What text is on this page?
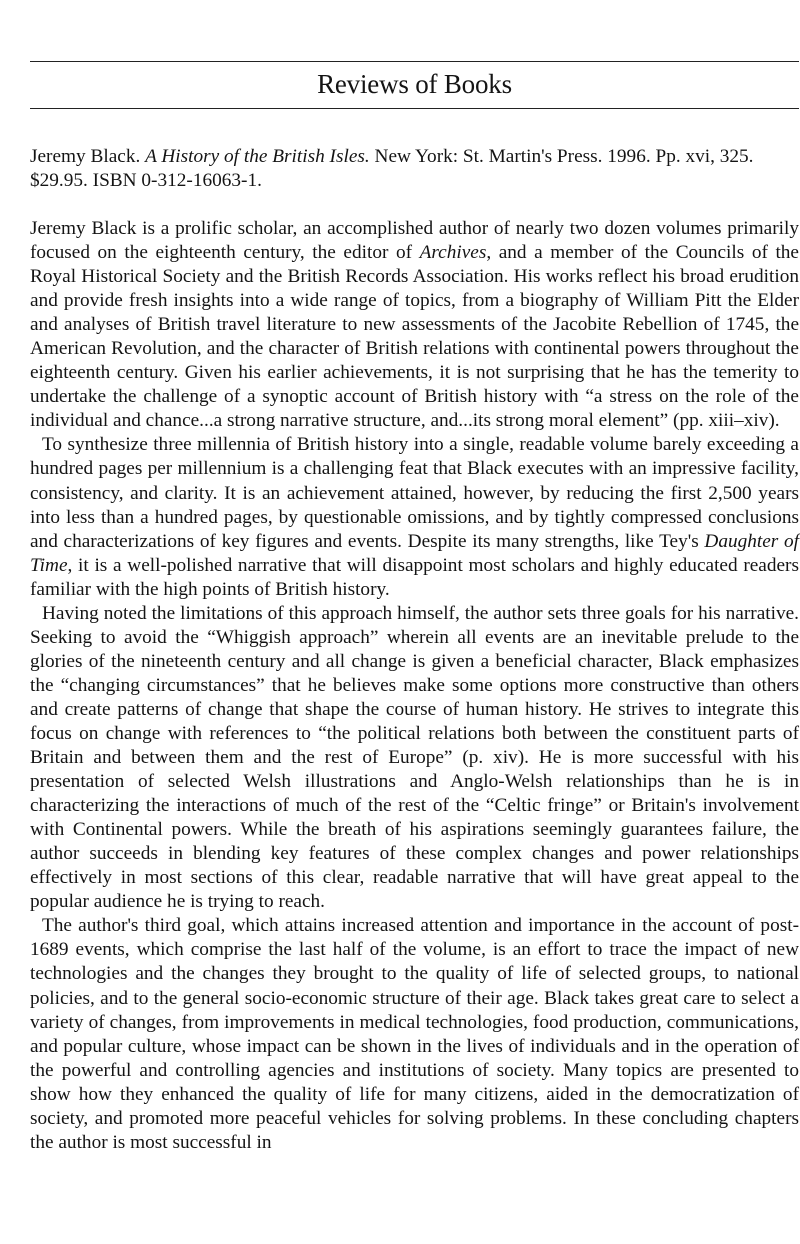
Reviews of Books
Jeremy Black. A History of the British Isles. New York: St. Martin's Press. 1996. Pp. xvi, 325. $29.95. ISBN 0-312-16063-1.

Jeremy Black is a prolific scholar, an accomplished author of nearly two dozen volumes primarily focused on the eighteenth century, the editor of Archives, and a member of the Councils of the Royal Historical Society and the British Records Association. His works reflect his broad erudition and provide fresh insights into a wide range of topics, from a biography of William Pitt the Elder and analyses of British travel literature to new assessments of the Jacobite Rebellion of 1745, the American Revolution, and the character of British relations with continental powers throughout the eighteenth century. Given his earlier achievements, it is not surprising that he has the temerity to undertake the challenge of a synoptic account of British history with “a stress on the role of the individual and chance...a strong narrative structure, and...its strong moral element” (pp. xiii–xiv).

To synthesize three millennia of British history into a single, readable volume barely exceeding a hundred pages per millennium is a challenging feat that Black executes with an impressive facility, consistency, and clarity. It is an achievement attained, however, by reducing the first 2,500 years into less than a hundred pages, by questionable omissions, and by tightly compressed conclusions and characterizations of key figures and events. Despite its many strengths, like Tey's Daughter of Time, it is a well-polished narrative that will disappoint most scholars and highly educated readers familiar with the high points of British history.

Having noted the limitations of this approach himself, the author sets three goals for his narrative. Seeking to avoid the “Whiggish approach” wherein all events are an inevitable prelude to the glories of the nineteenth century and all change is given a beneficial character, Black emphasizes the “changing circumstances” that he believes make some options more constructive than others and create patterns of change that shape the course of human history. He strives to integrate this focus on change with references to “the political relations both between the constituent parts of Britain and between them and the rest of Europe” (p. xiv). He is more successful with his presentation of selected Welsh illustrations and Anglo-Welsh relationships than he is in characterizing the interactions of much of the rest of the “Celtic fringe” or Britain's involvement with Continental powers. While the breath of his aspirations seemingly guarantees failure, the author succeeds in blending key features of these complex changes and power relationships effectively in most sections of this clear, readable narrative that will have great appeal to the popular audience he is trying to reach.

The author's third goal, which attains increased attention and importance in the account of post-1689 events, which comprise the last half of the volume, is an effort to trace the impact of new technologies and the changes they brought to the quality of life of selected groups, to national policies, and to the general socio-economic structure of their age. Black takes great care to select a variety of changes, from improvements in medical technologies, food production, communications, and popular culture, whose impact can be shown in the lives of individuals and in the operation of the powerful and controlling agencies and institutions of society. Many topics are presented to show how they enhanced the quality of life for many citizens, aided in the democratization of society, and promoted more peaceful vehicles for solving problems. In these concluding chapters the author is most successful in
